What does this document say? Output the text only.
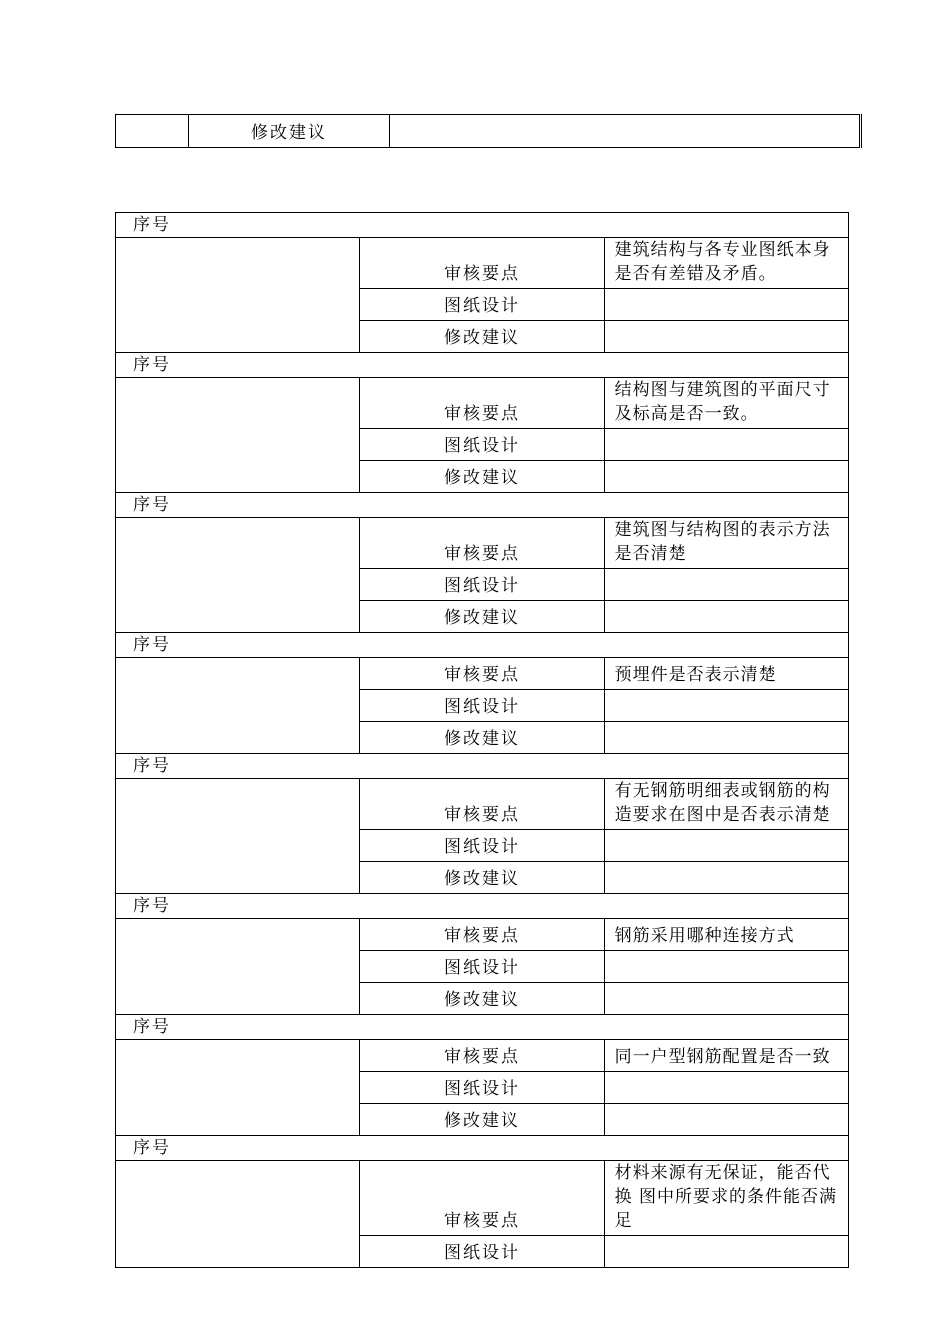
修改建议

序号		

	审核要点	建筑结构与各专业图纸本身是否有差错及矛盾。

	图纸设计	

	修改建议	

序号		

	审核要点	结构图与建筑图的平面尺寸及标高是否一致。

	图纸设计	

	修改建议	

序号		

	审核要点	建筑图与结构图的表示方法是否清楚

	图纸设计	

	修改建议	

序号		

	审核要点	预埋件是否表示清楚

	图纸设计	

	修改建议	

序号		

	审核要点	有无钢筋明细表或钢筋的构造要求在图中是否表示清楚

	图纸设计	

	修改建议	

序号		

	审核要点	钢筋采用哪种连接方式

	图纸设计	

	修改建议	

序号		

	审核要点	同一户型钢筋配置是否一致

	图纸设计	

	修改建议	

序号		

	审核要点	材料来源有无保证，能否代换 图中所要求的条件能否满足

	图纸设计	
